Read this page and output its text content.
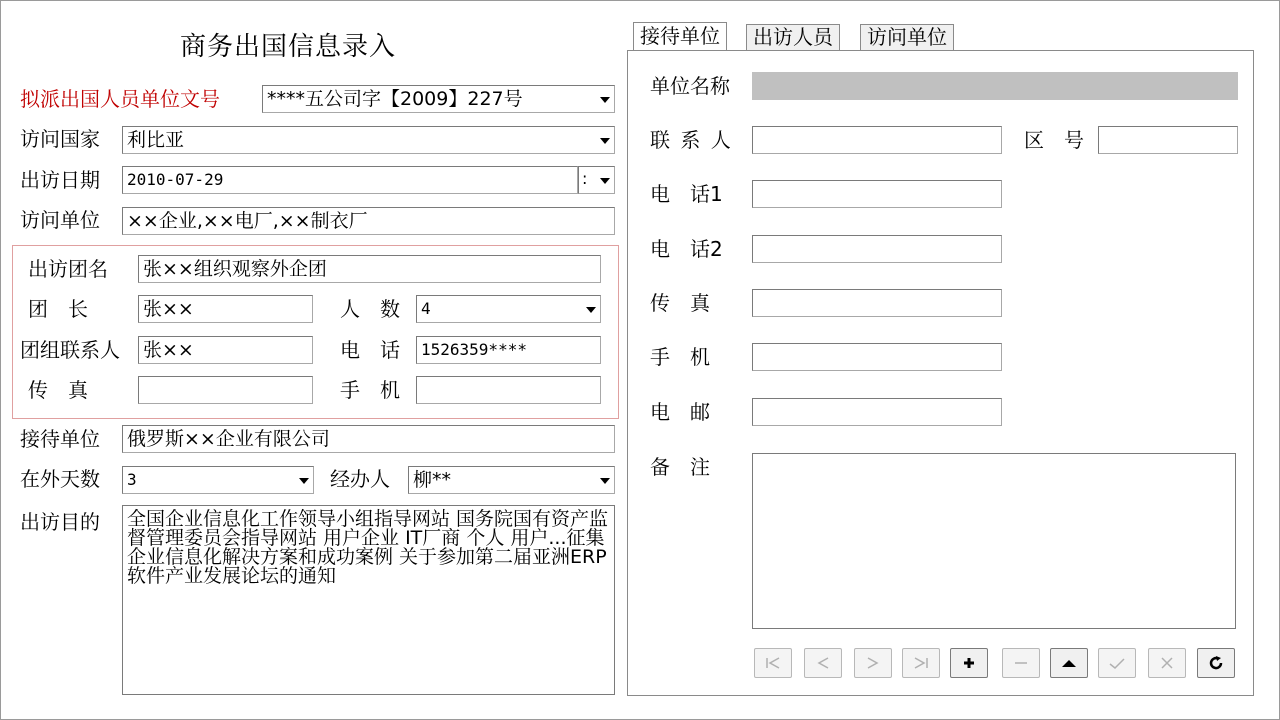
商务出国信息录入
拟派出国人员单位文号 ****五公司字【2009】227号
访问国家 利比亚
出访日期	2010-07-29	:
访问单位 ××企业,××电厂,××制衣厂
出访团名 张××组织观察外企团
团　长	张××	人　数	4
团组联系人 张××	电　话	1526359****
传　真	手　机
接待单位 俄罗斯××企业有限公司
在外天数	3	经办人 柳**
出访目的 全国企业信息化工作领导小组指导网站 国务院国有资产监督管理委员会指导网站 用户企业 IT厂商 个人 用户...征集企业信息化解决方案和成功案例 关于参加第二届亚洲ERP软件产业发展论坛的通知
接待单位	出访人员	访问单位
单位名称
联 系 人	区　号
电　话1
电　话2
传　真
手　机
电　邮
备　注
